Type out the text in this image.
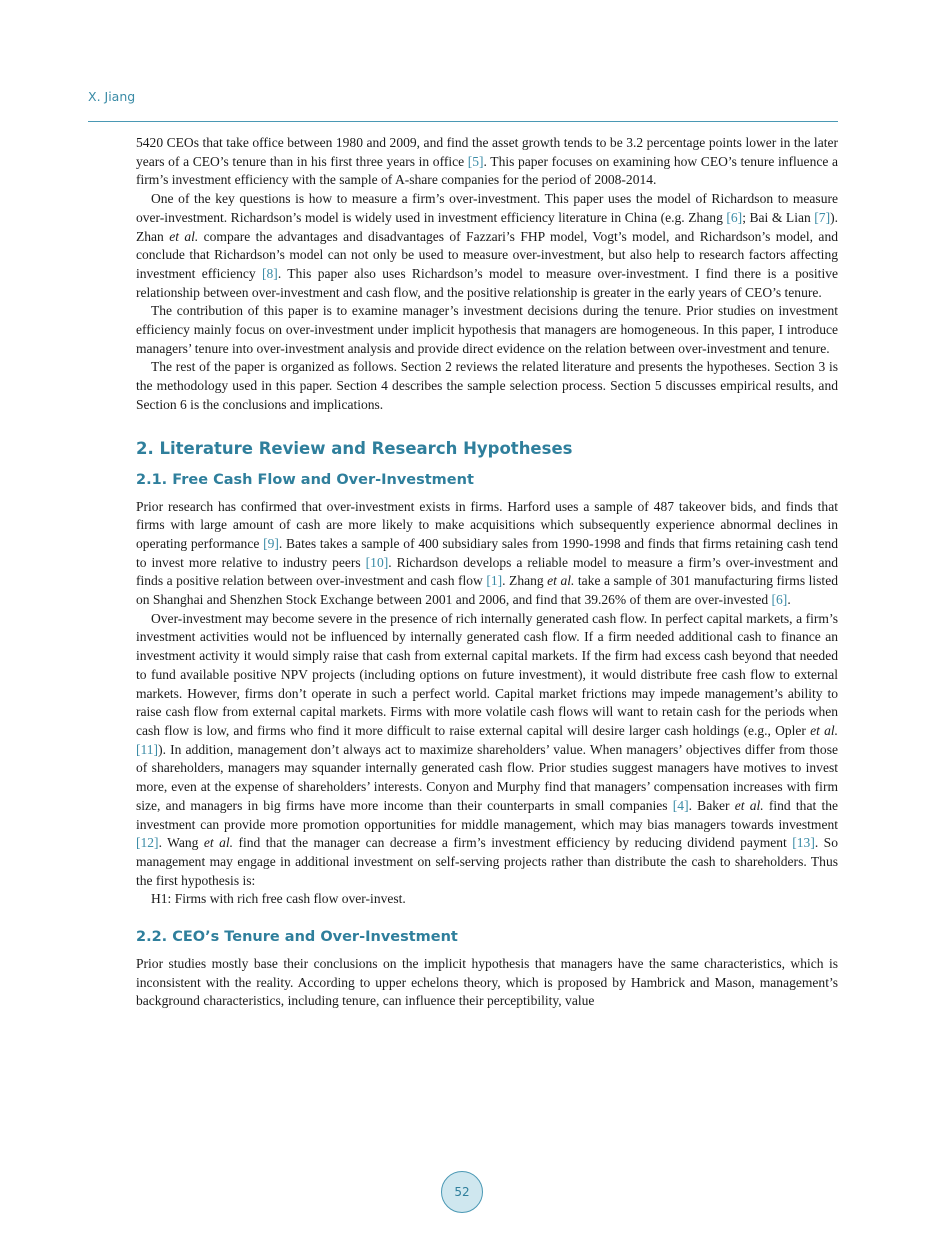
X. Jiang

5420 CEOs that take office between 1980 and 2009, and find the asset growth tends to be 3.2 percentage points lower in the later years of a CEO’s tenure than in his first three years in office [5]. This paper focuses on examining how CEO’s tenure influence a firm’s investment efficiency with the sample of A-share companies for the period of 2008-2014.

One of the key questions is how to measure a firm’s over-investment. This paper uses the model of Richardson to measure over-investment. Richardson’s model is widely used in investment efficiency literature in China (e.g. Zhang [6]; Bai & Lian [7]). Zhan et al. compare the advantages and disadvantages of Fazzari’s FHP model, Vogt’s model, and Richardson’s model, and conclude that Richardson’s model can not only be used to measure over-investment, but also help to research factors affecting investment efficiency [8]. This paper also uses Richardson’s model to measure over-investment. I find there is a positive relationship between over-investment and cash flow, and the positive relationship is greater in the early years of CEO’s tenure.

The contribution of this paper is to examine manager’s investment decisions during the tenure. Prior studies on investment efficiency mainly focus on over-investment under implicit hypothesis that managers are homogeneous. In this paper, I introduce managers’ tenure into over-investment analysis and provide direct evidence on the relation between over-investment and tenure.

The rest of the paper is organized as follows. Section 2 reviews the related literature and presents the hypotheses. Section 3 is the methodology used in this paper. Section 4 describes the sample selection process. Section 5 discusses empirical results, and Section 6 is the conclusions and implications.

2. Literature Review and Research Hypotheses
2.1. Free Cash Flow and Over-Investment

Prior research has confirmed that over-investment exists in firms. Harford uses a sample of 487 takeover bids, and finds that firms with large amount of cash are more likely to make acquisitions which subsequently experience abnormal declines in operating performance [9]. Bates takes a sample of 400 subsidiary sales from 1990-1998 and finds that firms retaining cash tend to invest more relative to industry peers [10]. Richardson develops a reliable model to measure a firm’s over-investment and finds a positive relation between over-investment and cash flow [1]. Zhang et al. take a sample of 301 manufacturing firms listed on Shanghai and Shenzhen Stock Exchange between 2001 and 2006, and find that 39.26% of them are over-invested [6].

Over-investment may become severe in the presence of rich internally generated cash flow. In perfect capital markets, a firm’s investment activities would not be influenced by internally generated cash flow. If a firm needed additional cash to finance an investment activity it would simply raise that cash from external capital markets. If the firm had excess cash beyond that needed to fund available positive NPV projects (including options on future investment), it would distribute free cash flow to external markets. However, firms don’t operate in such a perfect world. Capital market frictions may impede management’s ability to raise cash flow from external capital markets. Firms with more volatile cash flows will want to retain cash for the periods when cash flow is low, and firms who find it more difficult to raise external capital will desire larger cash holdings (e.g., Opler et al. [11]). In addition, management don’t always act to maximize shareholders’ value. When managers’ objectives differ from those of shareholders, managers may squander internally generated cash flow. Prior studies suggest managers have motives to invest more, even at the expense of shareholders’ interests. Conyon and Murphy find that managers’ compensation increases with firm size, and managers in big firms have more income than their counterparts in small companies [4]. Baker et al. find that the investment can provide more promotion opportunities for middle management, which may bias managers towards investment [12]. Wang et al. find that the manager can decrease a firm’s investment efficiency by reducing dividend payment [13]. So management may engage in additional investment on self-serving projects rather than distribute the cash to shareholders. Thus the first hypothesis is:

H1: Firms with rich free cash flow over-invest.

2.2. CEO’s Tenure and Over-Investment

Prior studies mostly base their conclusions on the implicit hypothesis that managers have the same characteristics, which is inconsistent with the reality. According to upper echelons theory, which is proposed by Hambrick and Mason, management’s background characteristics, including tenure, can influence their perceptibility, value

52
